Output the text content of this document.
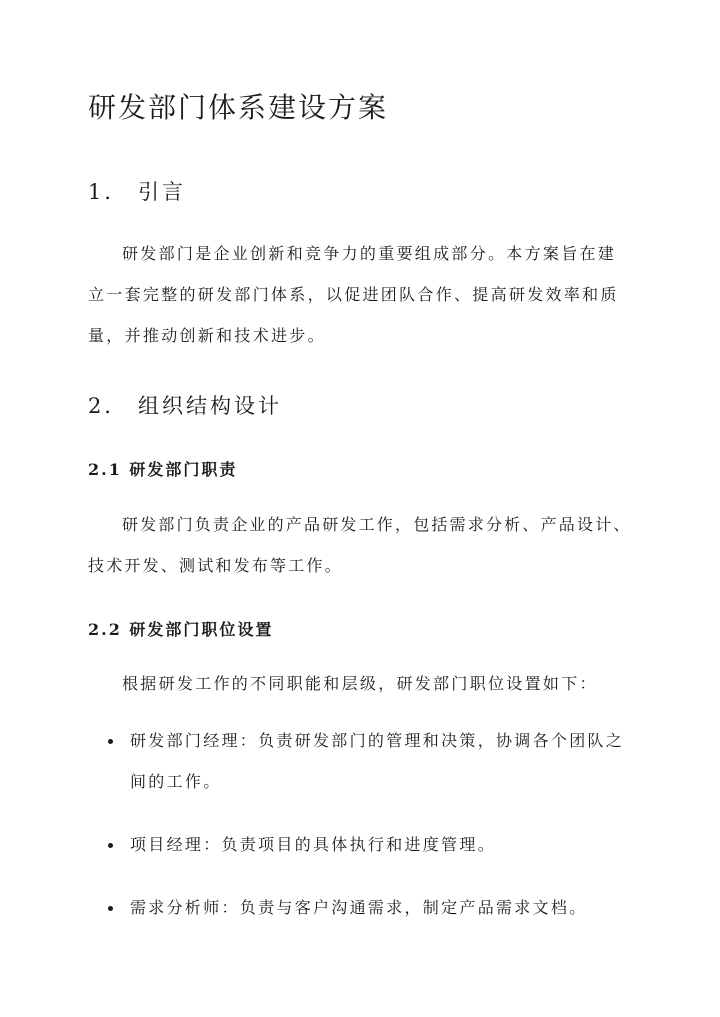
研发部门体系建设方案
1． 引言

研发部门是企业创新和竞争力的重要组成部分。本方案旨在建立一套完整的研发部门体系，以促进团队合作、提高研发效率和质量，并推动创新和技术进步。

2． 组织结构设计
2.1 研发部门职责

研发部门负责企业的产品研发工作，包括需求分析、产品设计、技术开发、测试和发布等工作。

2.2 研发部门职位设置

根据研发工作的不同职能和层级，研发部门职位设置如下：

研发部门经理：负责研发部门的管理和决策，协调各个团队之间的工作。
项目经理：负责项目的具体执行和进度管理。
需求分析师：负责与客户沟通需求，制定产品需求文档。
